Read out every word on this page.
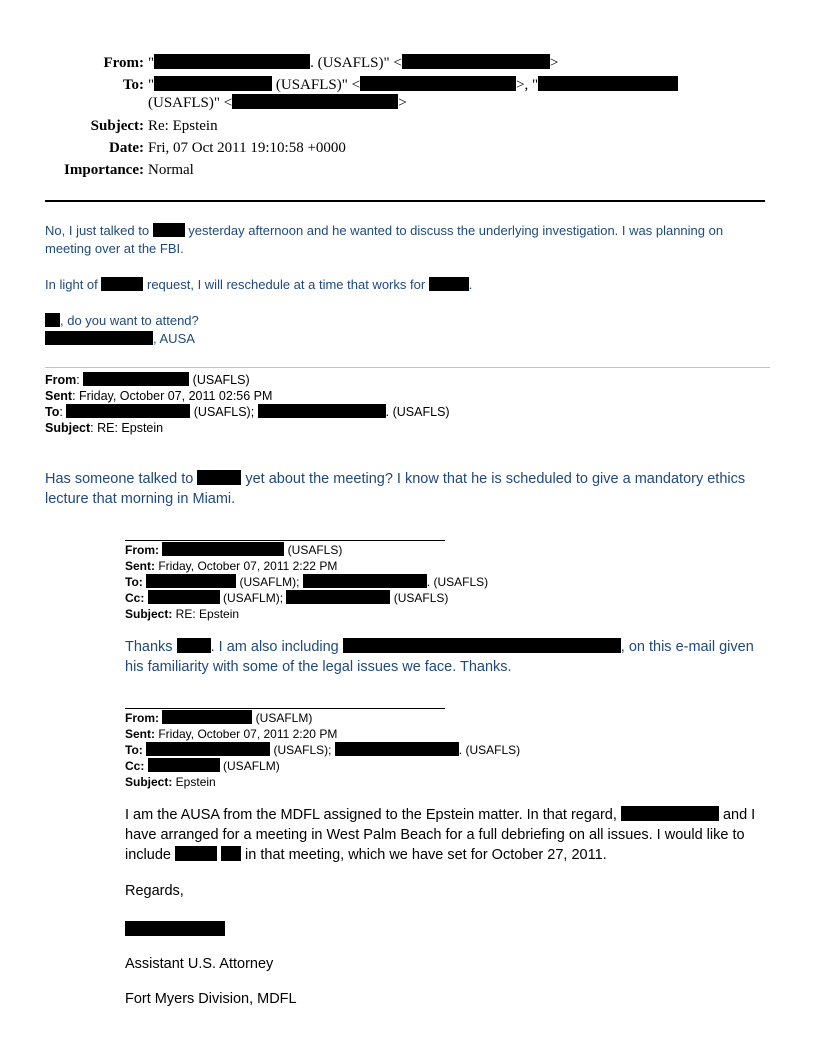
From: "	. (USAFLS)" <	>
To: "	(USAFLS)" <	>, "
(USAFLS)" <	>
Subject: Re: Epstein
Date: Fri, 07 Oct 2011 19:10:58 +0000
Importance: Normal
No, I just talked to  yesterday afternoon and he wanted to discuss the underlying investigation. I was planning on
meeting over at the FBI.
In light of	request, I will reschedule at a time that works for	.
, do you want to attend?
, AUSA
From:	(USAFLS)
Sent: Friday, October 07, 2011 02:56 PM
To:	(USAFLS);	. (USAFLS)
Subject: RE: Epstein
Has someone talked to	yet about the meeting? I know that he is scheduled to give a mandatory ethics
lecture that morning in Miami.
From:	(USAFLS)
Sent: Friday, October 07, 2011 2:22 PM
To:	(USAFLM);	. (USAFLS)
Cc:	(USAFLM);	(USAFLS)
Subject: RE: Epstein
Thanks . I am also including	, on this e-mail given
his familiarity with some of the legal issues we face. Thanks.
From:	(USAFLM)
Sent: Friday, October 07, 2011 2:20 PM
To:	(USAFLS);	. (USAFLS)
Cc:	(USAFLM)
Subject: Epstein
I am the AUSA from the MDFL assigned to the Epstein matter. In that regard,	and I
have arranged for a meeting in West Palm Beach for a full debriefing on all issues. I would like to
include	in that meeting, which we have set for October 27, 2011.
Regards,
Assistant U.S. Attorney
Fort Myers Division, MDFL
